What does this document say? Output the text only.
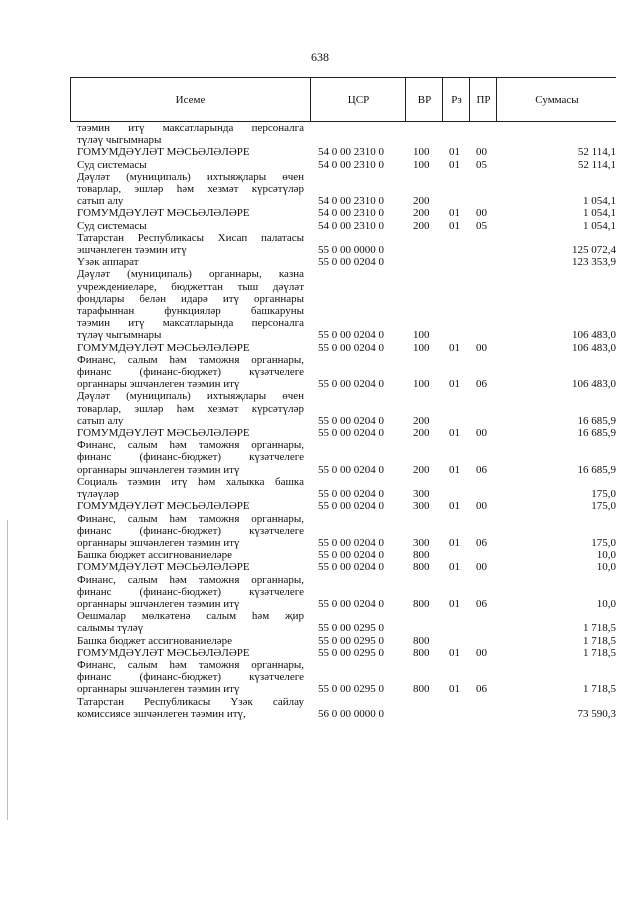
638
Исеме	ЦСР	ВР	Рз	ПР	Суммасы
тәэмин итү максатларында персоналга
түләү чыгымнары
ГОМУМДӘҮЛӘТ МӘСЬӘЛӘЛӘРЕ	54 0 00 2310 0	100 01 00	52 114,1
Суд системасы	54 0 00 2310 0	100 01 05	52 114,1
Дәүләт (муниципаль) ихтыяҗлары өчен
товарлар, эшләр һәм хезмәт күрсәтүләр
сатып алу	54 0 00 2310 0	200	1 054,1
ГОМУМДӘҮЛӘТ МӘСЬӘЛӘЛӘРЕ	54 0 00 2310 0	200 01 00	1 054,1
Суд системасы	54 0 00 2310 0	200 01 05	1 054,1
Татарстан Республикасы Хисап палатасы
эшчәнлеген тәэмин итү	55 0 00 0000 0	125 072,4
Үзәк аппарат	55 0 00 0204 0	123 353,9
Дәүләт (муниципаль) органнары, казна
учреждениеләре, бюджеттан тыш дәүләт
фондлары белән идарә итү органнары
тарафыннан функцияләр башкаруны
тәэмин итү максатларында персоналга
түләү чыгымнары	55 0 00 0204 0	100	106 483,0
ГОМУМДӘҮЛӘТ МӘСЬӘЛӘЛӘРЕ	55 0 00 0204 0	100 01 00	106 483,0
Финанс, салым һәм таможня органнары,
финанс (финанс-бюджет) күзәтчелеге
органнары эшчәнлеген тәэмин итү	55 0 00 0204 0	100 01 06	106 483,0
Дәүләт (муниципаль) ихтыяҗлары өчен
товарлар, эшләр һәм хезмәт күрсәтүләр
сатып алу	55 0 00 0204 0	200	16 685,9
ГОМУМДӘҮЛӘТ МӘСЬӘЛӘЛӘРЕ	55 0 00 0204 0	200 01 00	16 685,9
Финанс, салым һәм таможня органнары,
финанс (финанс-бюджет) күзәтчелеге
органнары эшчәнлеген тәэмин итү	55 0 00 0204 0	200 01 06	16 685,9
Социаль тәэмин итү һәм халыкка башка
түләүләр	55 0 00 0204 0	300	175,0
ГОМУМДӘҮЛӘТ МӘСЬӘЛӘЛӘРЕ	55 0 00 0204 0	300 01 00	175,0
Финанс, салым һәм таможня органнары,
финанс (финанс-бюджет) күзәтчелеге
органнары эшчәнлеген тәэмин итү	55 0 00 0204 0	300 01 06	175,0
Башка бюджет ассигнованиеләре	55 0 00 0204 0	800	10,0
ГОМУМДӘҮЛӘТ МӘСЬӘЛӘЛӘРЕ	55 0 00 0204 0	800 01 00	10,0
Финанс, салым һәм таможня органнары,
финанс (финанс-бюджет) күзәтчелеге
органнары эшчәнлеген тәэмин итү	55 0 00 0204 0	800 01 06	10,0
Оешмалар мөлкәтенә салым һәм җир
салымы түләү	55 0 00 0295 0	1 718,5
Башка бюджет ассигнованиеләре	55 0 00 0295 0	800	1 718,5
ГОМУМДӘҮЛӘТ МӘСЬӘЛӘЛӘРЕ	55 0 00 0295 0	800 01 00	1 718,5
Финанс, салым һәм таможня органнары,
финанс (финанс-бюджет) күзәтчелеге
органнары эшчәнлеген тәэмин итү	55 0 00 0295 0	800 01 06	1 718,5
Татарстан Республикасы Үзәк сайлау
комиссиясе эшчәнлеген тәэмин итү,	56 0 00 0000 0	73 590,3
